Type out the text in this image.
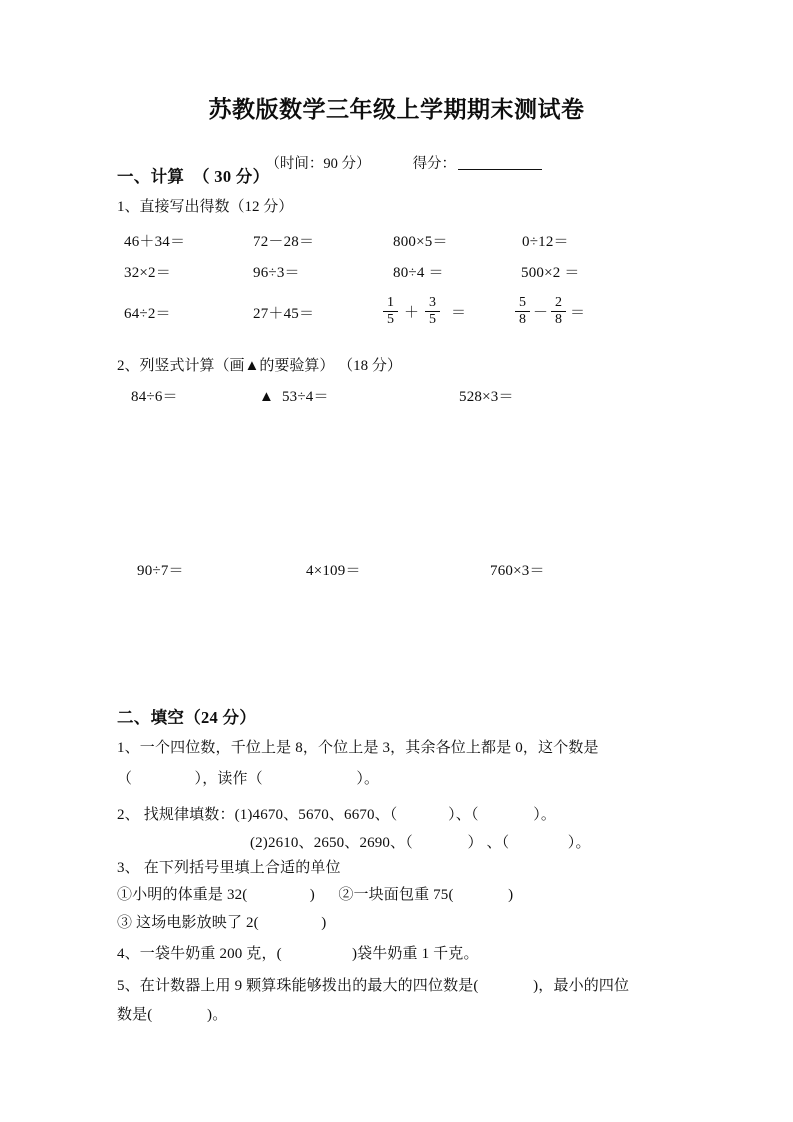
苏教版数学三年级上学期期末测试卷

（时间：90 分）	得分：

一、计算  （ 30 分）
1、直接写出得数（12 分）
46＋34＝	72－28＝	800×5＝	0÷12＝
32×2＝	96÷3＝	80÷4 ＝	500×2 ＝
64÷2＝	27＋45＝	$\frac{1}{5} + \frac{3}{5}$ ＝	$\frac{5}{8} - \frac{2}{8}$ ＝
2、列竖式计算（画▲的要验算） （18 分）
84÷6＝	▲  53÷4＝	528×3＝
90÷7＝	4×109＝	760×3＝
二、填空（24 分）
1、一个四位数，千位上是 8，个位上是 3，其余各位上都是 0，这个数是
（                ），读作（                        ）。
2、 找规律填数：(1)4670、5670、6670、（             ）、（              ）。
(2)2610、2650、2690、（              ） 、（               ）。
3、 在下列括号里填上合适的单位
①小明的体重是 32(                )      ②一块面包重 75(              )
③ 这场电影放映了 2(                )
4、一袋牛奶重 200 克，(                  )袋牛奶重 1 千克。
5、在计数器上用 9 颗算珠能够拨出的最大的四位数是(              )，最小的四位
数是(              )。
